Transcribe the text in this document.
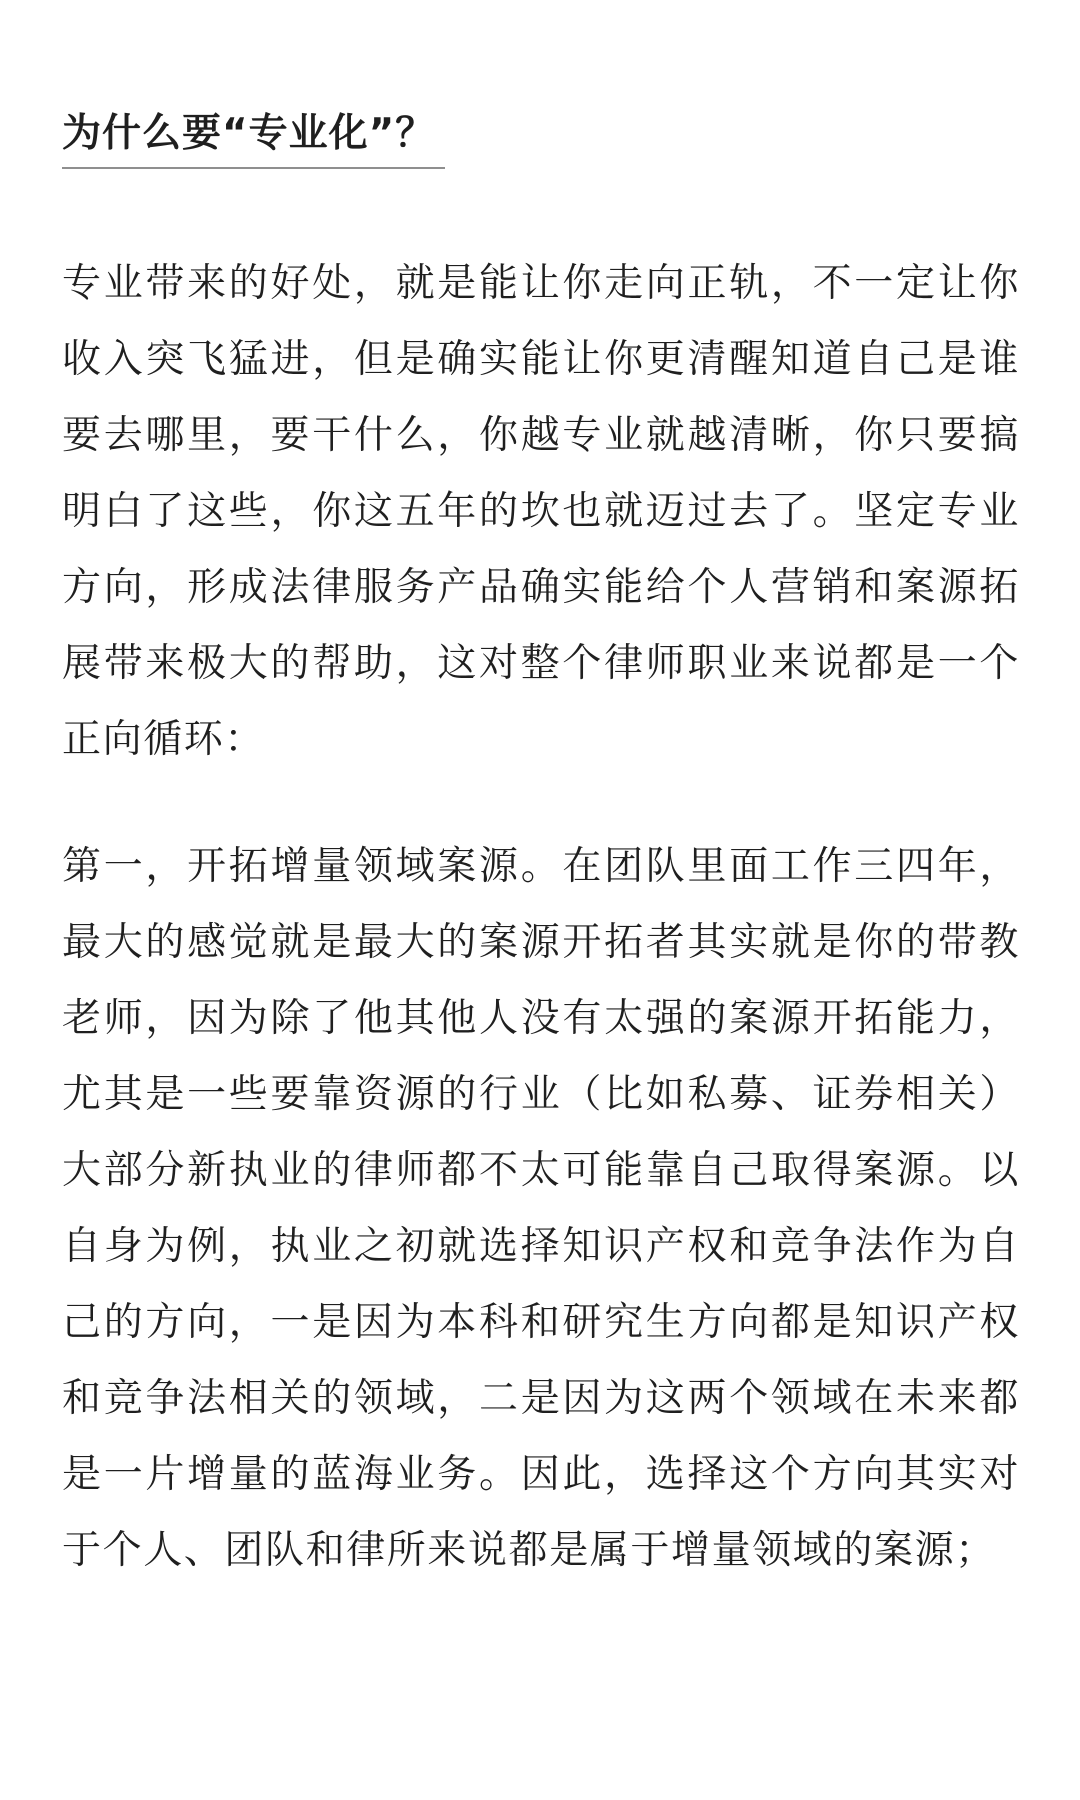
为什么要“专业化”？

专业带来的好处，就是能让你走向正轨，不一定让你收入突飞猛进，但是确实能让你更清醒知道自己是谁要去哪里，要干什么，你越专业就越清晰，你只要搞明白了这些，你这五年的坎也就迈过去了。坚定专业方向，形成法律服务产品确实能给个人营销和案源拓展带来极大的帮助，这对整个律师职业来说都是一个正向循环：

第一，开拓增量领域案源。在团队里面工作三四年，最大的感觉就是最大的案源开拓者其实就是你的带教老师，因为除了他其他人没有太强的案源开拓能力，尤其是一些要靠资源的行业（比如私募、证券相关）大部分新执业的律师都不太可能靠自己取得案源。以自身为例，执业之初就选择知识产权和竞争法作为自己的方向，一是因为本科和研究生方向都是知识产权和竞争法相关的领域，二是因为这两个领域在未来都是一片增量的蓝海业务。因此，选择这个方向其实对于个人、团队和律所来说都是属于增量领域的案源；
